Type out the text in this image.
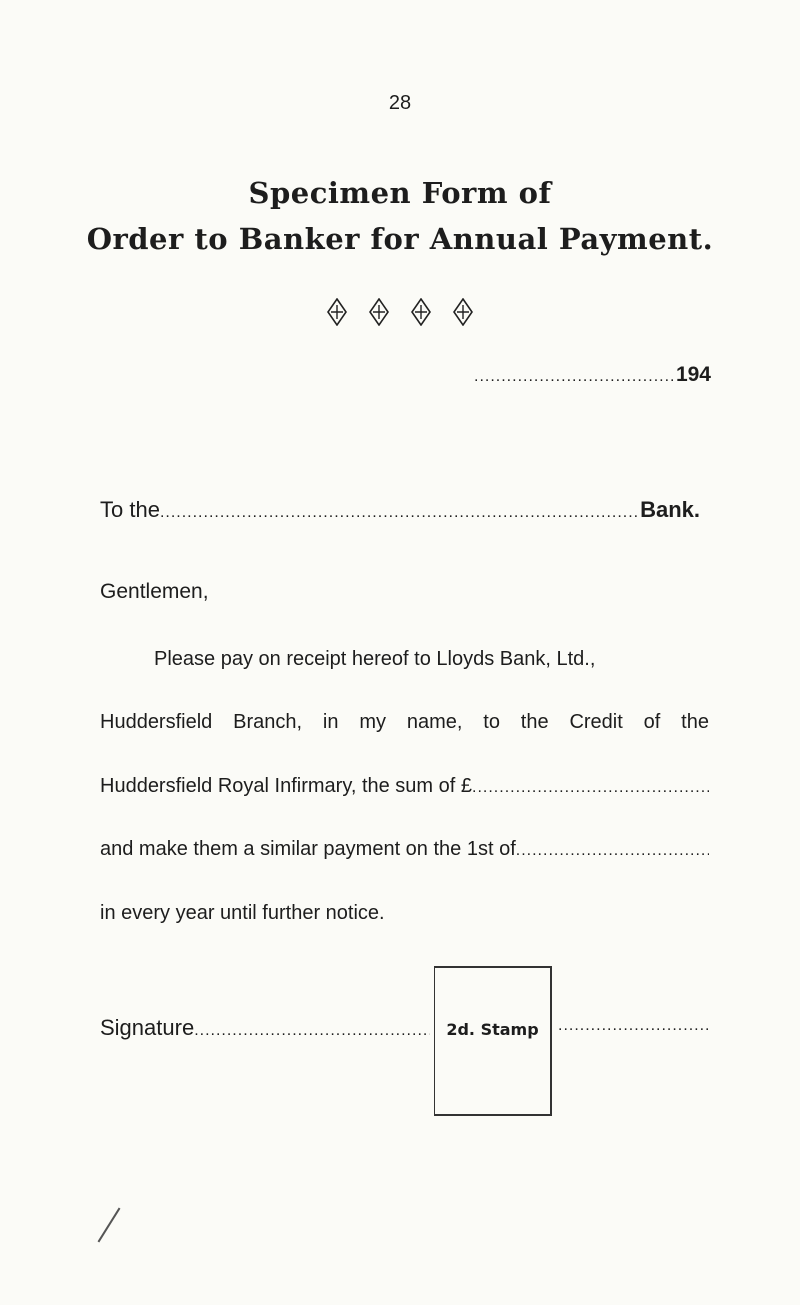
28
Specimen Form of
Order to Banker for Annual Payment.
.....
194
To the .....	Bank.
Gentlemen,
Please pay on receipt hereof to Lloyds Bank, Ltd.,
Huddersfield Branch, in my name, to the Credit of the
Huddersfield Royal Infirmary, the sum of £
.....
and make them a similar payment on the 1st of
.....
in every year until further notice.
Signature .....	2d. Stamp
.....
